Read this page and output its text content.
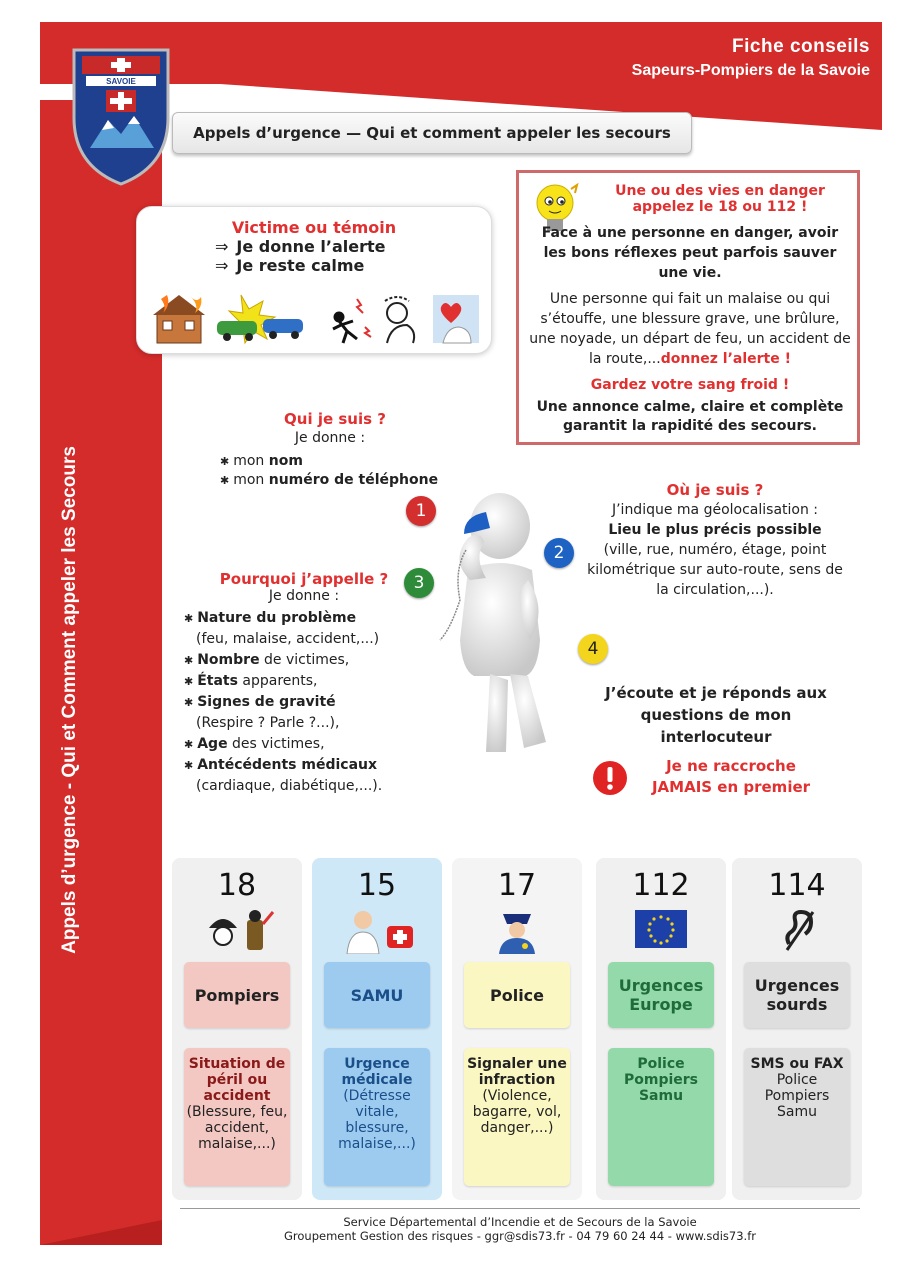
Fiche conseils
Sapeurs-Pompiers de la Savoie
Appels d’urgence - Qui et Comment appeler les Secours
SAVOIE
Appels d’urgence — Qui et comment appeler les secours
Victime ou témoin
⇒ Je donne l’alerte
⇒ Je reste calme
Une ou des vies en danger appelez le 18 ou 112 !
Face à une personne en danger, avoir les bons réflexes peut parfois sauver une vie.
Une personne qui fait un malaise ou qui s’étouffe, une blessure grave, une brûlure, une noyade, un départ de feu, un accident de la route,...donnez l’alerte !
Gardez votre sang froid !
Une annonce calme, claire et complète garantit la rapidité des secours.
Qui je suis ?
Je donne :
✱ mon nom
✱ mon numéro de téléphone
Où je suis ?
J’indique ma géolocalisation :
Lieu le plus précis possible
(ville, rue, numéro, étage, point kilométrique sur auto-route, sens de la circulation,...).
Pourquoi j’appelle ?
Je donne :
✱ Nature du problème
(feu, malaise, accident,...)
✱ Nombre de victimes,
✱ États apparents,
✱ Signes de gravité
(Respire ? Parle ?...),
✱ Age des victimes,
✱ Antécédents médicaux
(cardiaque, diabétique,...).
1
2
3
4
J’écoute et je réponds aux questions de mon interlocuteur
Je ne raccroche JAMAIS en premier
18
Pompiers
Situation de péril ou accident
(Blessure, feu, accident, malaise,...)
15
SAMU
Urgence médicale
(Détresse vitale, blessure, malaise,...)
17
Police
Signaler une infraction
(Violence, bagarre, vol, danger,...)
112
Urgences Europe
Police Pompiers Samu
114
Urgences sourds
SMS ou FAX
Police Pompiers Samu
Service Départemental d’Incendie et de Secours de la Savoie
Groupement Gestion des risques - ggr@sdis73.fr - 04 79 60 24 44 - www.sdis73.fr
